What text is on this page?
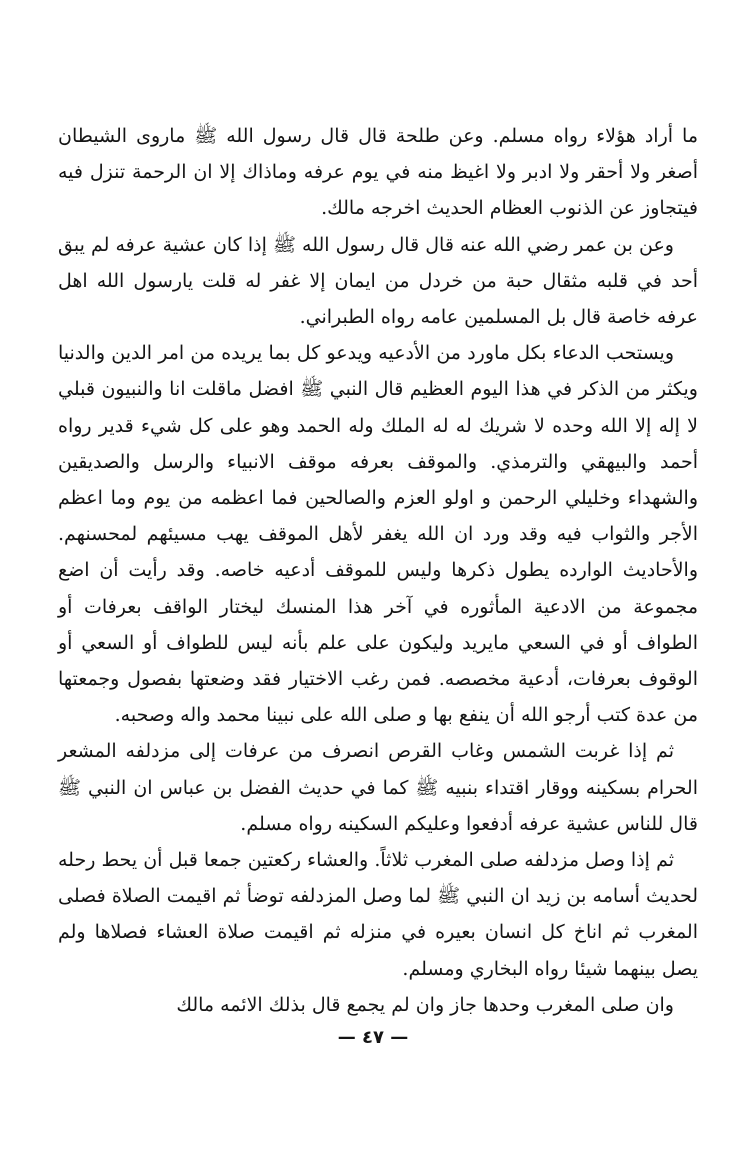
ما أراد هؤلاء رواه مسلم. وعن طلحة قال قال رسول الله ﷺ ماروى الشيطان أصغر ولا أحقر ولا ادبر ولا اغيظ منه في يوم عرفه وماذاك إلا ان الرحمة تنزل فيه فيتجاوز عن الذنوب العظام الحديث اخرجه مالك.

وعن بن عمر رضي الله عنه قال قال رسول الله ﷺ إذا كان عشية عرفه لم يبق أحد في قلبه مثقال حبة من خردل من ايمان إلا غفر له قلت يارسول الله اهل عرفه خاصة قال بل المسلمين عامه رواه الطبراني.

ويستحب الدعاء بكل ماورد من الأدعيه ويدعو كل بما يريده من امر الدين والدنيا ويكثر من الذكر في هذا اليوم العظيم قال النبي ﷺ افضل ماقلت انا والنبيون قبلي لا إله إلا الله وحده لا شريك له له الملك وله الحمد وهو على كل شيء قدير رواه أحمد والبيهقي والترمذي. والموقف بعرفه موقف الانبياء والرسل والصديقين والشهداء وخليلي الرحمن و اولو العزم والصالحين فما اعظمه من يوم وما اعظم الأجر والثواب فيه وقد ورد ان الله يغفر لأهل الموقف يهب مسيئهم لمحسنهم. والأحاديث الوارده يطول ذكرها وليس للموقف أدعيه خاصه. وقد رأيت أن اضع مجموعة من الادعية المأثوره في آخر هذا المنسك ليختار الواقف بعرفات أو الطواف أو في السعي مايريد وليكون على علم بأنه ليس للطواف أو السعي أو الوقوف بعرفات، أدعية مخصصه. فمن رغب الاختيار فقد وضعتها بفصول وجمعتها من عدة كتب أرجو الله أن ينفع بها و صلى الله على نبينا محمد واله وصحبه.

ثم إذا غربت الشمس وغاب القرص انصرف من عرفات إلى مزدلفه المشعر الحرام بسكينه ووقار اقتداء بنبيه ﷺ كما في حديث الفضل بن عباس ان النبي ﷺ قال للناس عشية عرفه أدفعوا وعليكم السكينه رواه مسلم.

ثم إذا وصل مزدلفه صلى المغرب ثلاثاً. والعشاء ركعتين جمعا قبل أن يحط رحله لحديث أسامه بن زيد ان النبي ﷺ لما وصل المزدلفه توضأ ثم اقيمت الصلاة فصلى المغرب ثم اناخ كل انسان بعيره في منزله ثم اقيمت صلاة العشاء فصلاها ولم يصل بينهما شيئا رواه البخاري ومسلم.

وان صلى المغرب وحدها جاز وان لم يجمع قال بذلك الائمه مالك

— ٤٧ —
